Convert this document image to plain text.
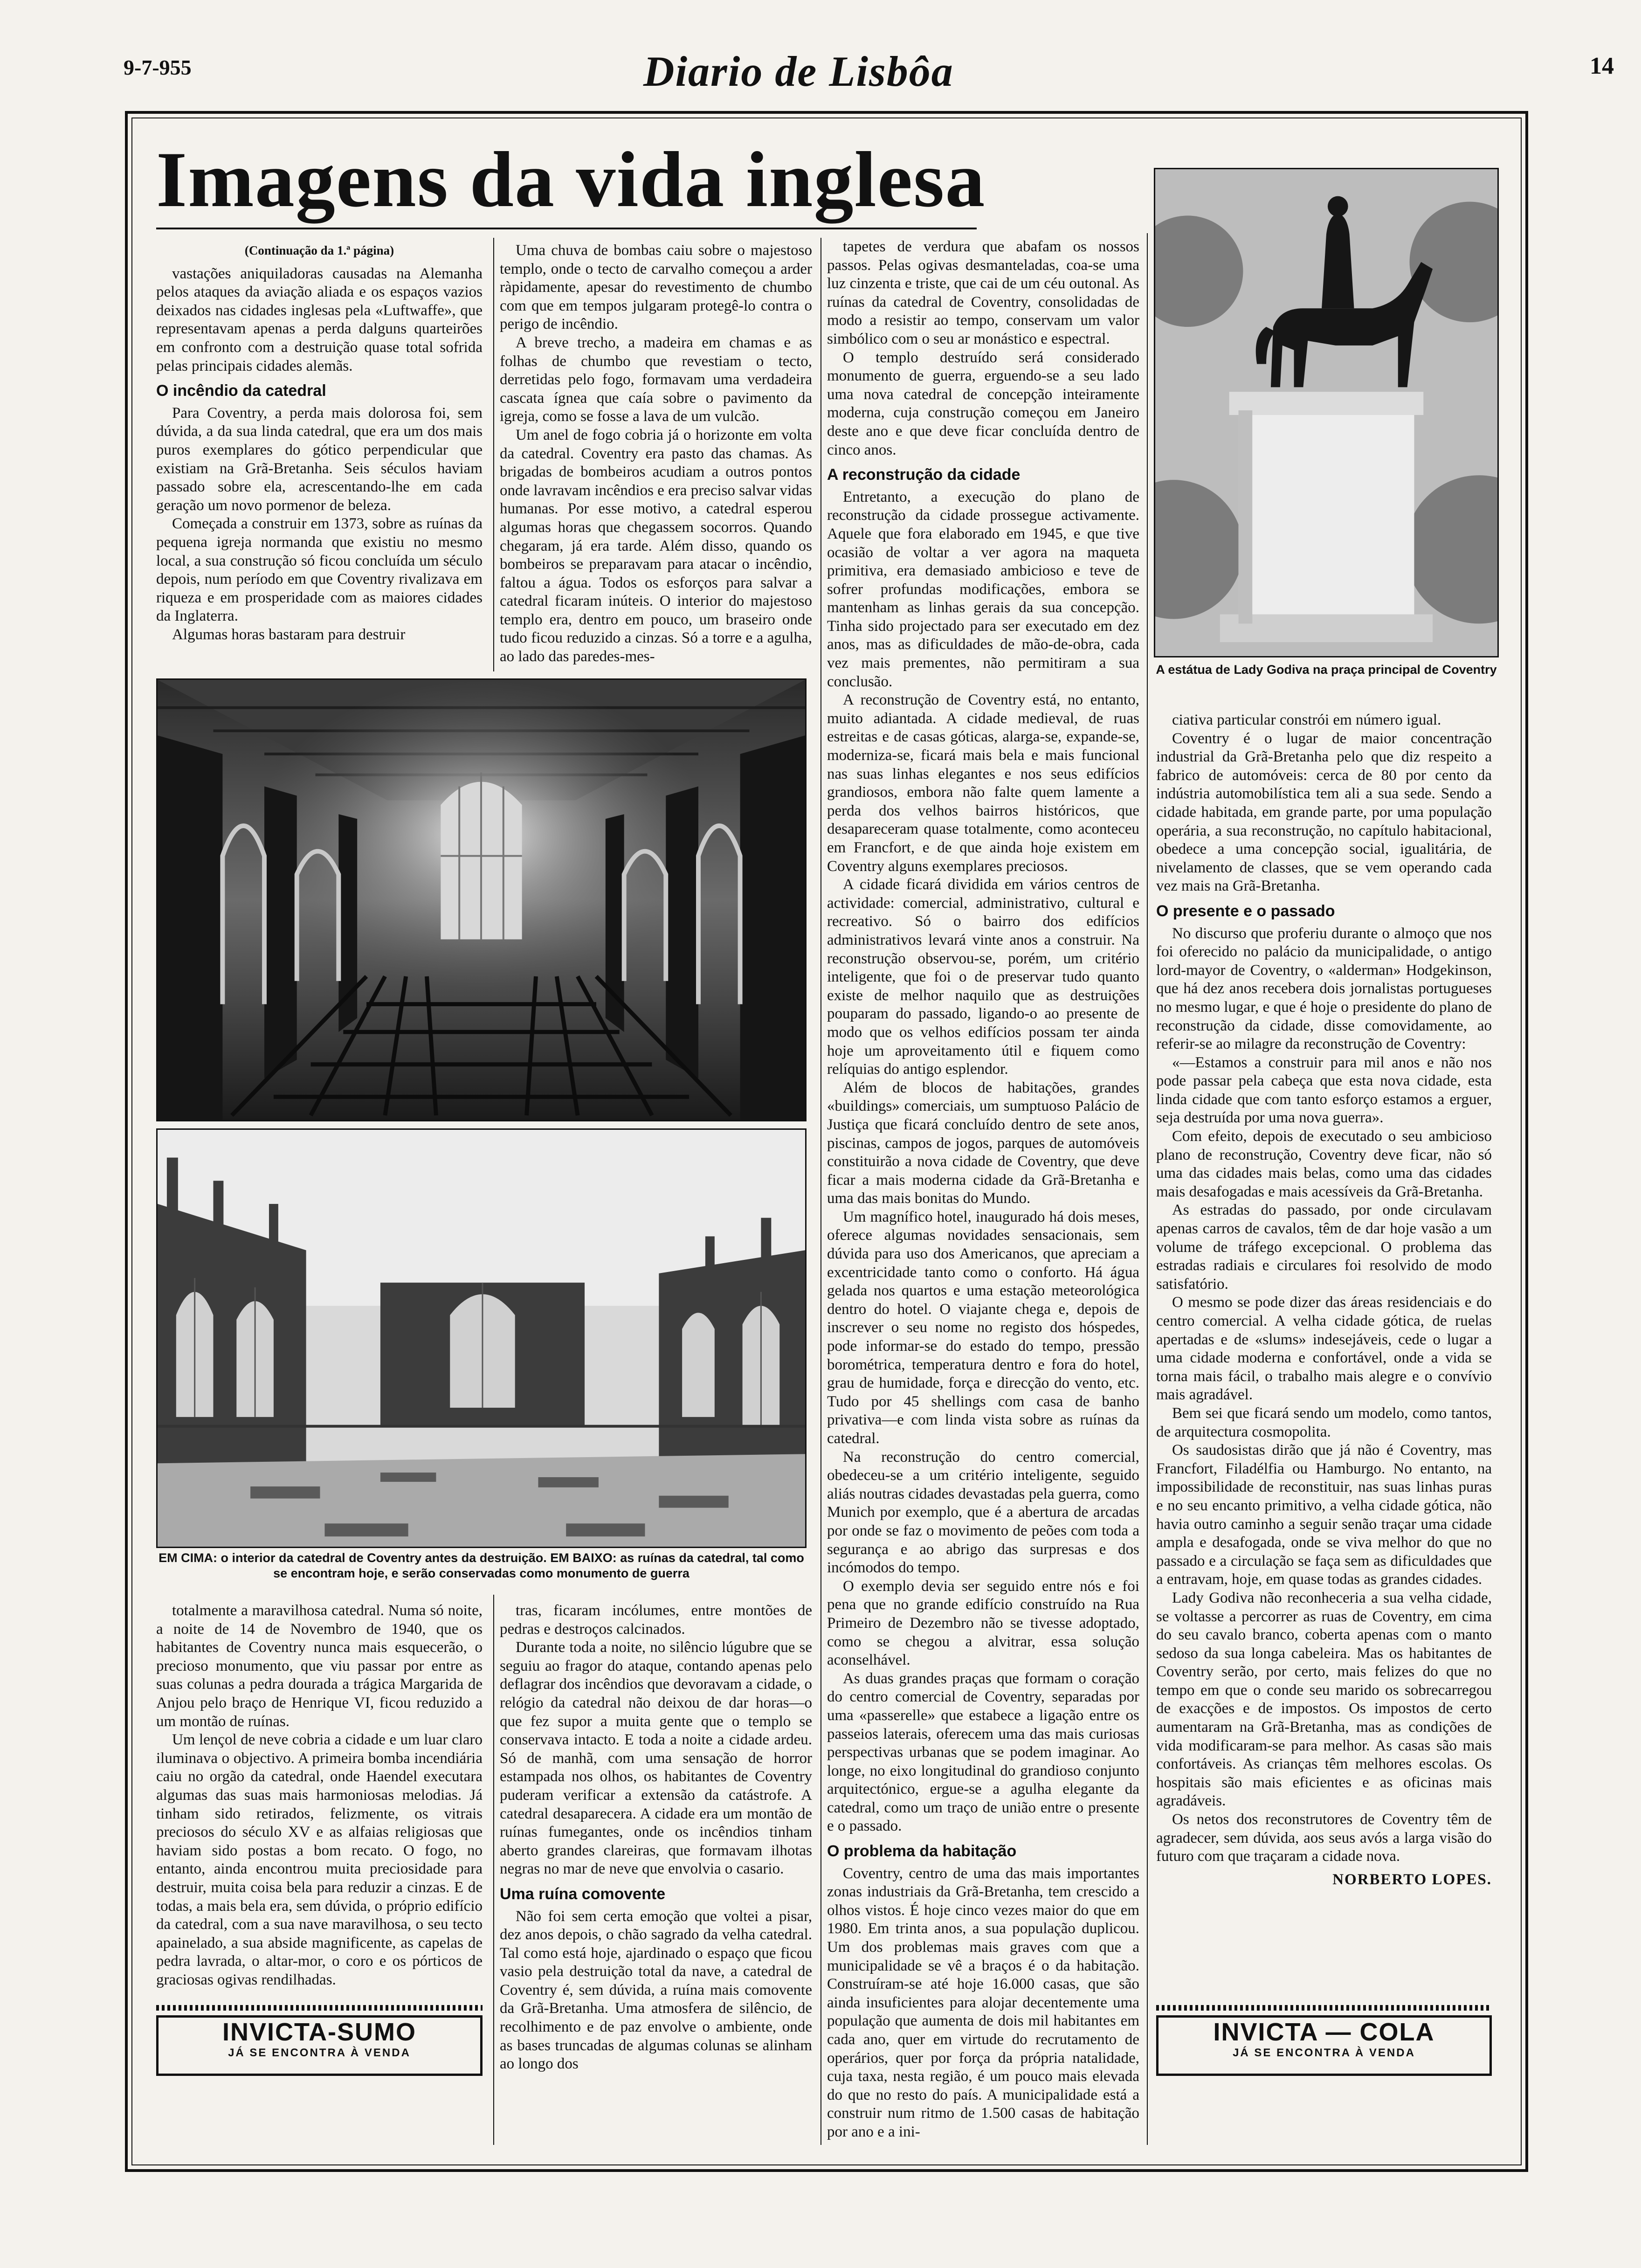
9-7-955	Diario de Lisbôa	14
Imagens da vida inglesa

(Continuação da 1.ª página)

vastações aniquiladoras causadas na Alemanha pelos ataques da aviação aliada e os espaços vazios deixados nas cidades inglesas pela «Luftwaffe», que representavam apenas a perda dalguns quarteirões em confronto com a destruição quase total sofrida pelas principais cidades alemãs.

O incêndio da catedral

Para Coventry, a perda mais dolorosa foi, sem dúvida, a da sua linda catedral, que era um dos mais puros exemplares do gótico perpendicular que existiam na Grã-Bretanha. Seis séculos haviam passado sobre ela, acrescentando-lhe em cada geração um novo pormenor de beleza.

Começada a construir em 1373, sobre as ruínas da pequena igreja normanda que existiu no mesmo local, a sua construção só ficou concluída um século depois, num período em que Coventry rivalizava em riqueza e em prosperidade com as maiores cidades da Inglaterra.

Algumas horas bastaram para destruir

Uma chuva de bombas caiu sobre o majestoso templo, onde o tecto de carvalho começou a arder ràpidamente, apesar do revestimento de chumbo com que em tempos julgaram protegê-lo contra o perigo de incêndio.

A breve trecho, a madeira em chamas e as folhas de chumbo que revestiam o tecto, derretidas pelo fogo, formavam uma verdadeira cascata ígnea que caía sobre o pavimento da igreja, como se fosse a lava de um vulcão.

Um anel de fogo cobria já o horizonte em volta da catedral. Coventry era pasto das chamas. As brigadas de bombeiros acudiam a outros pontos onde lavravam incêndios e era preciso salvar vidas humanas. Por esse motivo, a catedral esperou algumas horas que chegassem socorros. Quando chegaram, já era tarde. Além disso, quando os bombeiros se preparavam para atacar o incêndio, faltou a água. Todos os esforços para salvar a catedral ficaram inúteis. O interior do majestoso templo era, dentro em pouco, um braseiro onde tudo ficou reduzido a cinzas. Só a torre e a agulha, ao lado das paredes-mes-

tapetes de verdura que abafam os nossos passos. Pelas ogivas desmanteladas, coa-se uma luz cinzenta e triste, que cai de um céu outonal. As ruínas da catedral de Coventry, consolidadas de modo a resistir ao tempo, conservam um valor simbólico com o seu ar monástico e espectral.

O templo destruído será considerado monumento de guerra, erguendo-se a seu lado uma nova catedral de concepção inteiramente moderna, cuja construção começou em Janeiro deste ano e que deve ficar concluída dentro de cinco anos.

A reconstrução da cidade

Entretanto, a execução do plano de reconstrução da cidade prossegue activamente. Aquele que fora elaborado em 1945, e que tive ocasião de voltar a ver agora na maqueta primitiva, era demasiado ambicioso e teve de sofrer profundas modificações, embora se mantenham as linhas gerais da sua concepção. Tinha sido projectado para ser executado em dez anos, mas as dificuldades de mão-de-obra, cada vez mais prementes, não permitiram a sua conclusão.

A reconstrução de Coventry está, no entanto, muito adiantada. A cidade medieval, de ruas estreitas e de casas góticas, alarga-se, expande-se, moderniza-se, ficará mais bela e mais funcional nas suas linhas elegantes e nos seus edifícios grandiosos, embora não falte quem lamente a perda dos velhos bairros históricos, que desapareceram quase totalmente, como aconteceu em Francfort, e de que ainda hoje existem em Coventry alguns exemplares preciosos.

A cidade ficará dividida em vários centros de actividade: comercial, administrativo, cultural e recreativo. Só o bairro dos edifícios administrativos levará vinte anos a construir. Na reconstrução observou-se, porém, um critério inteligente, que foi o de preservar tudo quanto existe de melhor naquilo que as destruições pouparam do passado, ligando-o ao presente de modo que os velhos edifícios possam ter ainda hoje um aproveitamento útil e fiquem como relíquias do antigo esplendor.

Além de blocos de habitações, grandes «buildings» comerciais, um sumptuoso Palácio de Justiça que ficará concluído dentro de sete anos, piscinas, campos de jogos, parques de automóveis constituirão a nova cidade de Coventry, que deve ficar a mais moderna cidade da Grã-Bretanha e uma das mais bonitas do Mundo.

Um magnífico hotel, inaugurado há dois meses, oferece algumas novidades sensacionais, sem dúvida para uso dos Americanos, que apreciam a excentricidade tanto como o conforto. Há água gelada nos quartos e uma estação meteorológica dentro do hotel. O viajante chega e, depois de inscrever o seu nome no registo dos hóspedes, pode informar-se do estado do tempo, pressão borométrica, temperatura dentro e fora do hotel, grau de humidade, força e direcção do vento, etc. Tudo por 45 shellings com casa de banho privativa—e com linda vista sobre as ruínas da catedral.

Na reconstrução do centro comercial, obedeceu-se a um critério inteligente, seguido aliás noutras cidades devastadas pela guerra, como Munich por exemplo, que é a abertura de arcadas por onde se faz o movimento de peões com toda a segurança e ao abrigo das surpresas e dos incómodos do tempo.

O exemplo devia ser seguido entre nós e foi pena que no grande edifício construído na Rua Primeiro de Dezembro não se tivesse adoptado, como se chegou a alvitrar, essa solução aconselhável.

As duas grandes praças que formam o coração do centro comercial de Coventry, separadas por uma «passerelle» que estabece a ligação entre os passeios laterais, oferecem uma das mais curiosas perspectivas urbanas que se podem imaginar. Ao longe, no eixo longitudinal do grandioso conjunto arquitectónico, ergue-se a agulha elegante da catedral, como um traço de união entre o presente e o passado.

O problema da habitação

Coventry, centro de uma das mais importantes zonas industriais da Grã-Bretanha, tem crescido a olhos vistos. É hoje cinco vezes maior do que em 1980. Em trinta anos, a sua população duplicou. Um dos problemas mais graves com que a municipalidade se vê a braços é o da habitação. Construíram-se até hoje 16.000 casas, que são ainda insuficientes para alojar decentemente uma população que aumenta de dois mil habitantes em cada ano, quer em virtude do recrutamento de operários, quer por força da própria natalidade, cuja taxa, nesta região, é um pouco mais elevada do que no resto do país. A municipalidade está a construir num ritmo de 1.500 casas de habitação por ano e a ini-

totalmente a maravilhosa catedral. Numa só noite, a noite de 14 de Novembro de 1940, que os habitantes de Coventry nunca mais esquecerão, o precioso monumento, que viu passar por entre as suas colunas a pedra dourada a trágica Margarida de Anjou pelo braço de Henrique VI, ficou reduzido a um montão de ruínas.

Um lençol de neve cobria a cidade e um luar claro iluminava o objectivo. A primeira bomba incendiária caiu no orgão da catedral, onde Haendel executara algumas das suas mais harmoniosas melodias. Já tinham sido retirados, felizmente, os vitrais preciosos do século XV e as alfaias religiosas que haviam sido postas a bom recato. O fogo, no entanto, ainda encontrou muita preciosidade para destruir, muita coisa bela para reduzir a cinzas. E de todas, a mais bela era, sem dúvida, o próprio edifício da catedral, com a sua nave maravilhosa, o seu tecto apainelado, a sua abside magnificente, as capelas de pedra lavrada, o altar-mor, o coro e os pórticos de graciosas ogivas rendilhadas.

tras, ficaram incólumes, entre montões de pedras e destroços calcinados.

Durante toda a noite, no silêncio lúgubre que se seguiu ao fragor do ataque, contando apenas pelo deflagrar dos incêndios que devoravam a cidade, o relógio da catedral não deixou de dar horas—o que fez supor a muita gente que o templo se conservava intacto. E toda a noite a cidade ardeu. Só de manhã, com uma sensação de horror estampada nos olhos, os habitantes de Coventry puderam verificar a extensão da catástrofe. A catedral desaparecera. A cidade era um montão de ruínas fumegantes, onde os incêndios tinham aberto grandes clareiras, que formavam ilhotas negras no mar de neve que envolvia o casario.

Uma ruína comovente

Não foi sem certa emoção que voltei a pisar, dez anos depois, o chão sagrado da velha catedral. Tal como está hoje, ajardinado o espaço que ficou vasio pela destruição total da nave, a catedral de Coventry é, sem dúvida, a ruína mais comovente da Grã-Bretanha. Uma atmosfera de silêncio, de recolhimento e de paz envolve o ambiente, onde as bases truncadas de algumas colunas se alinham ao longo dos

ciativa particular constrói em número igual.

Coventry é o lugar de maior concentração industrial da Grã-Bretanha pelo que diz respeito a fabrico de automóveis: cerca de 80 por cento da indústria automobilística tem ali a sua sede. Sendo a cidade habitada, em grande parte, por uma população operária, a sua reconstrução, no capítulo habitacional, obedece a uma concepção social, igualitária, de nivelamento de classes, que se vem operando cada vez mais na Grã-Bretanha.

O presente e o passado

No discurso que proferiu durante o almoço que nos foi oferecido no palácio da municipalidade, o antigo lord-mayor de Coventry, o «alderman» Hodgekinson, que há dez anos recebera dois jornalistas portugueses no mesmo lugar, e que é hoje o presidente do plano de reconstrução da cidade, disse comovidamente, ao referir-se ao milagre da reconstrução de Coventry:

«—Estamos a construir para mil anos e não nos pode passar pela cabeça que esta nova cidade, esta linda cidade que com tanto esforço estamos a erguer, seja destruída por uma nova guerra».

Com efeito, depois de executado o seu ambicioso plano de reconstrução, Coventry deve ficar, não só uma das cidades mais belas, como uma das cidades mais desafogadas e mais acessíveis da Grã-Bretanha.

As estradas do passado, por onde circulavam apenas carros de cavalos, têm de dar hoje vasão a um volume de tráfego excepcional. O problema das estradas radiais e circulares foi resolvido de modo satisfatório.

O mesmo se pode dizer das áreas residenciais e do centro comercial. A velha cidade gótica, de ruelas apertadas e de «slums» indesejáveis, cede o lugar a uma cidade moderna e confortável, onde a vida se torna mais fácil, o trabalho mais alegre e o convívio mais agradável.

Bem sei que ficará sendo um modelo, como tantos, de arquitectura cosmopolita.

Os saudosistas dirão que já não é Coventry, mas Francfort, Filadélfia ou Hamburgo. No entanto, na impossibilidade de reconstituir, nas suas linhas puras e no seu encanto primitivo, a velha cidade gótica, não havia outro caminho a seguir senão traçar uma cidade ampla e desafogada, onde se viva melhor do que no passado e a circulação se faça sem as dificuldades que a entravam, hoje, em quase todas as grandes cidades.

Lady Godiva não reconheceria a sua velha cidade, se voltasse a percorrer as ruas de Coventry, em cima do seu cavalo branco, coberta apenas com o manto sedoso da sua longa cabeleira. Mas os habitantes de Coventry serão, por certo, mais felizes do que no tempo em que o conde seu marido os sobrecarregou de exacções e de impostos. Os impostos de certo aumentaram na Grã-Bretanha, mas as condições de vida modificaram-se para melhor. As casas são mais confortáveis. As crianças têm melhores escolas. Os hospitais são mais eficientes e as oficinas mais agradáveis.

Os netos dos reconstrutores de Coventry têm de agradecer, sem dúvida, aos seus avós a larga visão do futuro com que traçaram a cidade nova.

NORBERTO LOPES.

EM CIMA: o interior da catedral de Coventry antes da destruição. EM BAIXO: as ruínas da catedral, tal como se encontram hoje, e serão conservadas como monumento de guerra
A estátua de Lady Godiva na praça principal de Coventry
INVICTA-SUMO
JÁ SE ENCONTRA À VENDA
INVICTA — COLA
JÁ SE ENCONTRA À VENDA
